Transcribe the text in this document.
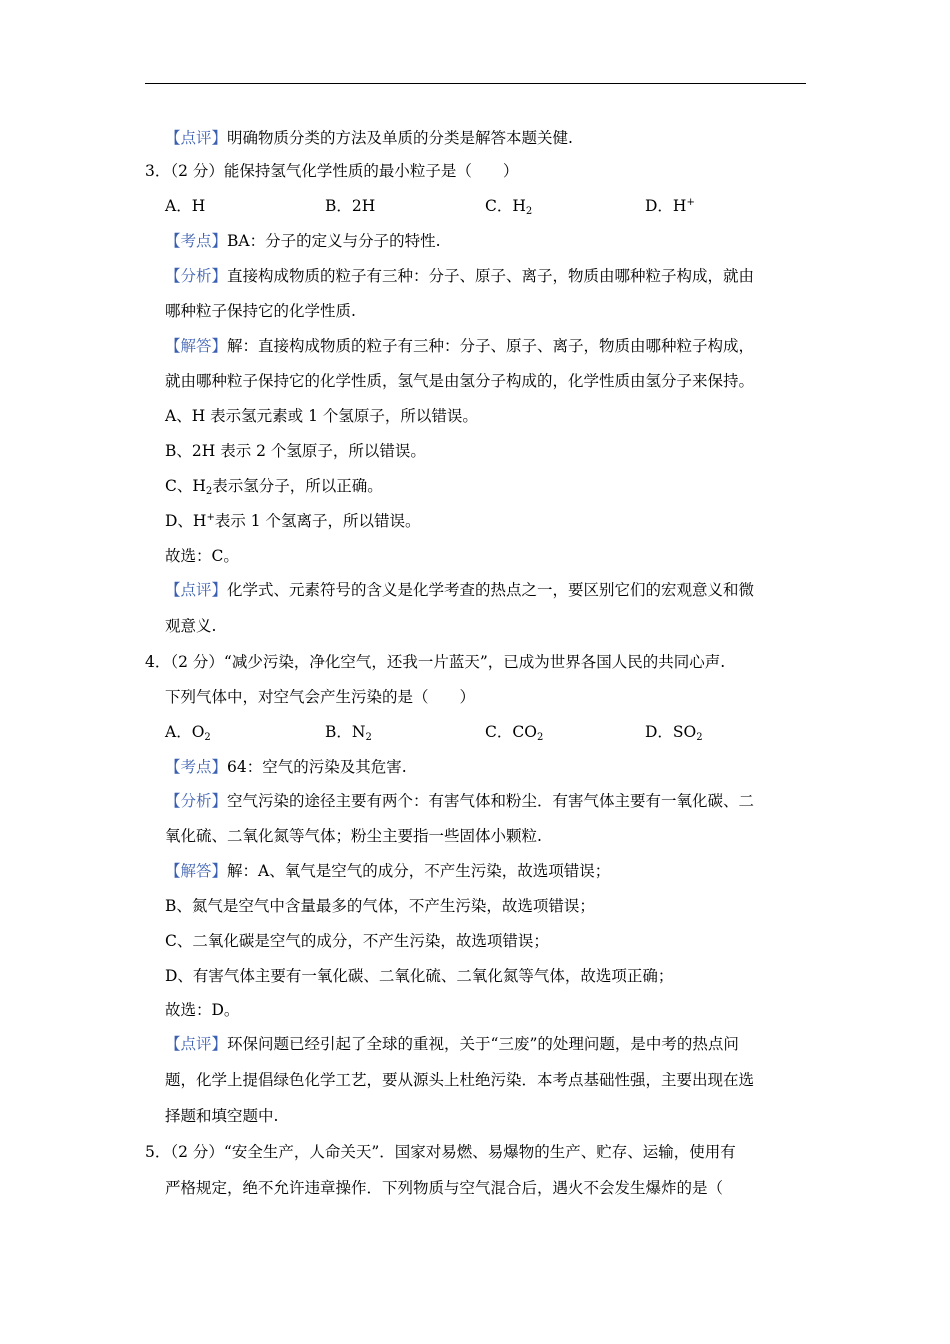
【点评】明确物质分类的方法及单质的分类是解答本题关健.
3．（2 分）能保持氢气化学性质的最小粒子是（　　）
A．H	B．2H	C．$H_2$	D．H+
【考点】BA：分子的定义与分子的特性.
【分析】直接构成物质的粒子有三种：分子、原子、离子，物质由哪种粒子构成，就由
哪种粒子保持它的化学性质.
【解答】解：直接构成物质的粒子有三种：分子、原子、离子，物质由哪种粒子构成，
就由哪种粒子保持它的化学性质，氢气是由氢分子构成的，化学性质由氢分子来保持。
A、H 表示氢元素或 1 个氢原子，所以错误。
B、2H 表示 2 个氢原子，所以错误。
C、$H_2$表示氢分子，所以正确。
D、H+表示 1 个氢离子，所以错误。
故选：C。
【点评】化学式、元素符号的含义是化学考查的热点之一，要区别它们的宏观意义和微
观意义.
4．（2 分）“减少污染，净化空气，还我一片蓝天”，已成为世界各国人民的共同心声.
下列气体中，对空气会产生污染的是（　　）
A．$O_2$	B．$N_2$	C．$CO_2$	D．$SO_2$
【考点】64：空气的污染及其危害.
【分析】空气污染的途径主要有两个：有害气体和粉尘．有害气体主要有一氧化碳、二
氧化硫、二氧化氮等气体；粉尘主要指一些固体小颗粒.
【解答】解：A、氧气是空气的成分，不产生污染，故选项错误；
B、氮气是空气中含量最多的气体，不产生污染，故选项错误；
C、二氧化碳是空气的成分，不产生污染，故选项错误；
D、有害气体主要有一氧化碳、二氧化硫、二氧化氮等气体，故选项正确；
故选：D。
【点评】环保问题已经引起了全球的重视，关于“三废”的处理问题，是中考的热点问
题，化学上提倡绿色化学工艺，要从源头上杜绝污染．本考点基础性强，主要出现在选
择题和填空题中.
5．（2 分）“安全生产，人命关天”．国家对易燃、易爆物的生产、贮存、运输，使用有
严格规定，绝不允许违章操作．下列物质与空气混合后，遇火不会发生爆炸的是（
